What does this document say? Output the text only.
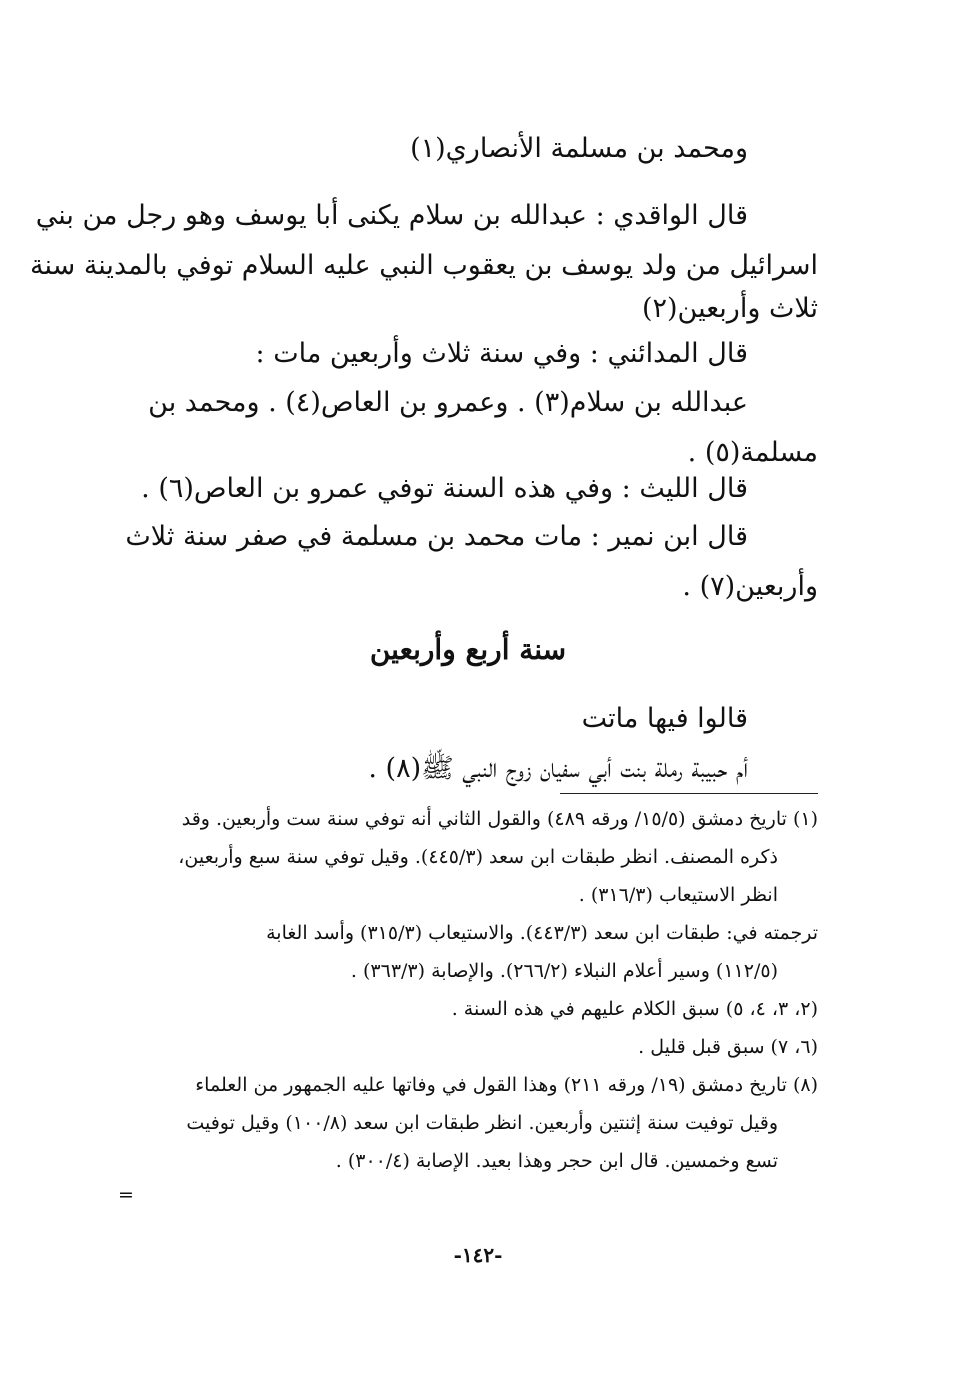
ومحمد بن مسلمة الأنصاري(١)

قال الواقدي : عبدالله بن سلام يكنى أبا يوسف وهو رجل من بني

اسرائيل من ولد يوسف بن يعقوب النبي عليه السلام توفي بالمدينة سنة

ثلاث وأربعين(٢)

قال المدائني : وفي سنة ثلاث وأربعين مات :

عبدالله بن سلام(٣) . وعمرو بن العاص(٤) . ومحمد بن

مسلمة(٥) .

قال الليث : وفي هذه السنة توفي عمرو بن العاص(٦) .

قال ابن نمير : مات محمد بن مسلمة في صفر سنة ثلاث

وأربعين(٧) .

سنة أربع وأربعين

قالوا فيها ماتت

أم حبيبة رملة بنت أبي سفيان زوج النبي ﷺ(٨) .

(١) تاريخ دمشق (١٥/٥/ ورقه ٤٨٩) والقول الثاني أنه توفي سنة ست وأربعين. وقد
ذكره المصنف. انظر طبقات ابن سعد (٤٤٥/٣). وقيل توفي سنة سبع وأربعين،
انظر الاستيعاب (٣١٦/٣) .
ترجمته في: طبقات ابن سعد (٤٤٣/٣). والاستيعاب (٣١٥/٣) وأسد الغابة
(١١٢/٥) وسير أعلام النبلاء (٢٦٦/٢). والإصابة (٣٦٣/٣) .
(٢، ٣، ٤، ٥) سبق الكلام عليهم في هذه السنة .
(٦، ٧) سبق قبل قليل .
(٨) تاريخ دمشق (١٩/ ورقه ٢١١) وهذا القول في وفاتها عليه الجمهور من العلماء
وقيل توفيت سنة إثنتين وأربعين. انظر طبقات ابن سعد (١٠٠/٨) وقيل توفيت
تسع وخمسين. قال ابن حجر وهذا بعيد. الإصابة (٣٠٠/٤) .
=
-١٤٢-
